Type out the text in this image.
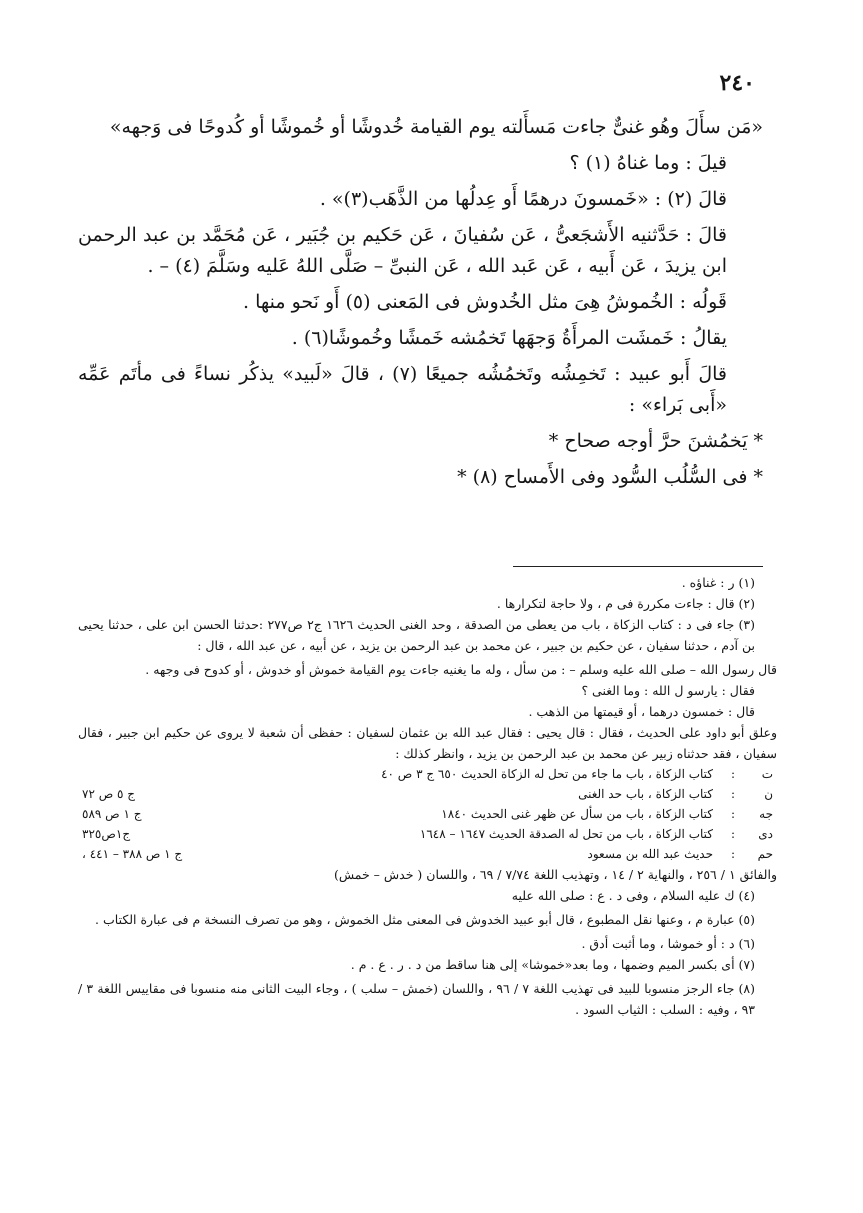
٢٤٠

«مَن سأَلَ وهُو غنىٌّ جاءت مَسأَلته يوم القيامة خُدوشًا أو خُموشًا أو كُدوحًا فى وَجهه»

قيلَ : وما غناهُ (١) ؟

قالَ (٢) : «خَمسونَ درهمًا أَو عِدلُها من الذَّهَب(٣)» .

قالَ : حَدَّثنيه الأَشجَعىُّ ، عَن سُفيانَ ، عَن حَكيم بن جُبَير ، عَن مُحَمَّد بن عبد الرحمن ابن يزيدَ ، عَن أَبيه ، عَن عَبد الله ، عَن النبىِّ – صَلَّى اللهُ عَليه وسَلَّمَ (٤) – .

قَولُه : الخُموشُ هِىَ مثل الخُدوش فى المَعنى (٥) أَو نَحو منها .

يقالُ : خَمشَت المرأَةُ وَجهَها تَخمُشه خَمشًا وخُموشًا(٦) .

قالَ أَبو عبيد : تَخمِشُه وتَخمُشُه جميعًا (٧) ، قالَ «لَبيد» يذكُر نساءً فى مأتَم عَمِّه «أَبى بَراء» :

* يَخمُشنَ حرَّ أوجه صحاح *

* فى السُّلُب السُّود وفى الأَمساح (٨) *

(١) ر : غناؤه .

(٢) قال : جاءت مكررة فى م ، ولا حاجة لتكرارها .

(٣) جاء فى د : كتاب الزكاة ، باب من يعطى من الصدقة ، وحد الغنى الحديث ١٦٢٦ ج٢ ص٢٧٧ :حدثنا الحسن ابن على ، حدثنا يحيى بن آدم ، حدثنا سفيان ، عن حكيم بن جبير ، عن محمد بن عبد الرحمن بن يزيد ، عن أبيه ، عن عبد الله ، قال :

قال رسول الله – صلى الله عليه وسلم – : من سأل ، وله ما يغنيه جاءت يوم القيامة خموش أو خدوش ، أو كدوح فى وجهه .

فقال : يارسو ل الله : وما الغنى ؟

قال : خمسون درهما ، أو قيمتها من الذهب .

وعلق أبو داود على الحديث ، فقال : قال يحيى : فقال عبد الله بن عثمان لسفيان : حفظى أن شعبة لا يروى عن حكيم ابن جبير ، فقال سفيان ، فقد حدثناه زبير عن محمد بن عبد الرحمن بن يزيد ، وانظر كذلك :

ت	:	كتاب الزكاة ، باب ما جاء من تحل له الزكاة الحديث ٦٥٠ ج ٣ ص ٤٠	
ن	:	كتاب الزكاة ، باب حد الغنى	ج ٥ ص ٧٢
جه	:	كتاب الزكاة ، باب من سأل عن ظهر غنى الحديث ١٨٤٠	ج ١ ص ٥٨٩
دى	:	كتاب الزكاة ، باب من تحل له الصدقة الحديث ١٦٤٧ – ١٦٤٨	ج١ص٣٢٥
حم	:	حديث عبد الله بن مسعود	ج ١ ص ٣٨٨ – ٤٤١ ،

والفائق ١ / ٢٥٦ ، والنهاية ٢ / ١٤ ، وتهذيب اللغة ٧/٧٤ / ٦٩ ، واللسان ( خدش – خمش)

(٤) ك عليه السلام ، وفى د . ع : صلى الله عليه

(٥) عبارة م ، وعنها نقل المطبوع ، قال أبو عبيد الخدوش فى المعنى مثل الخموش ، وهو من تصرف النسخة م فى عبارة الكتاب .

(٦) د : أو خموشا ، وما أثبت أدق .

(٧) أى بكسر الميم وضمها ، وما بعد«خموشا» إلى هنا ساقط من د . ر . ع . م .

(٨) جاء الرجز منسوبا للبيد فى تهذيب اللغة ٧ / ٩٦ ، واللسان (خمش – سلب ) ، وجاء البيت الثانى منه منسوبا فى مقاييس اللغة ٣ / ٩٣ ، وفيه : السلب : الثياب السود .
